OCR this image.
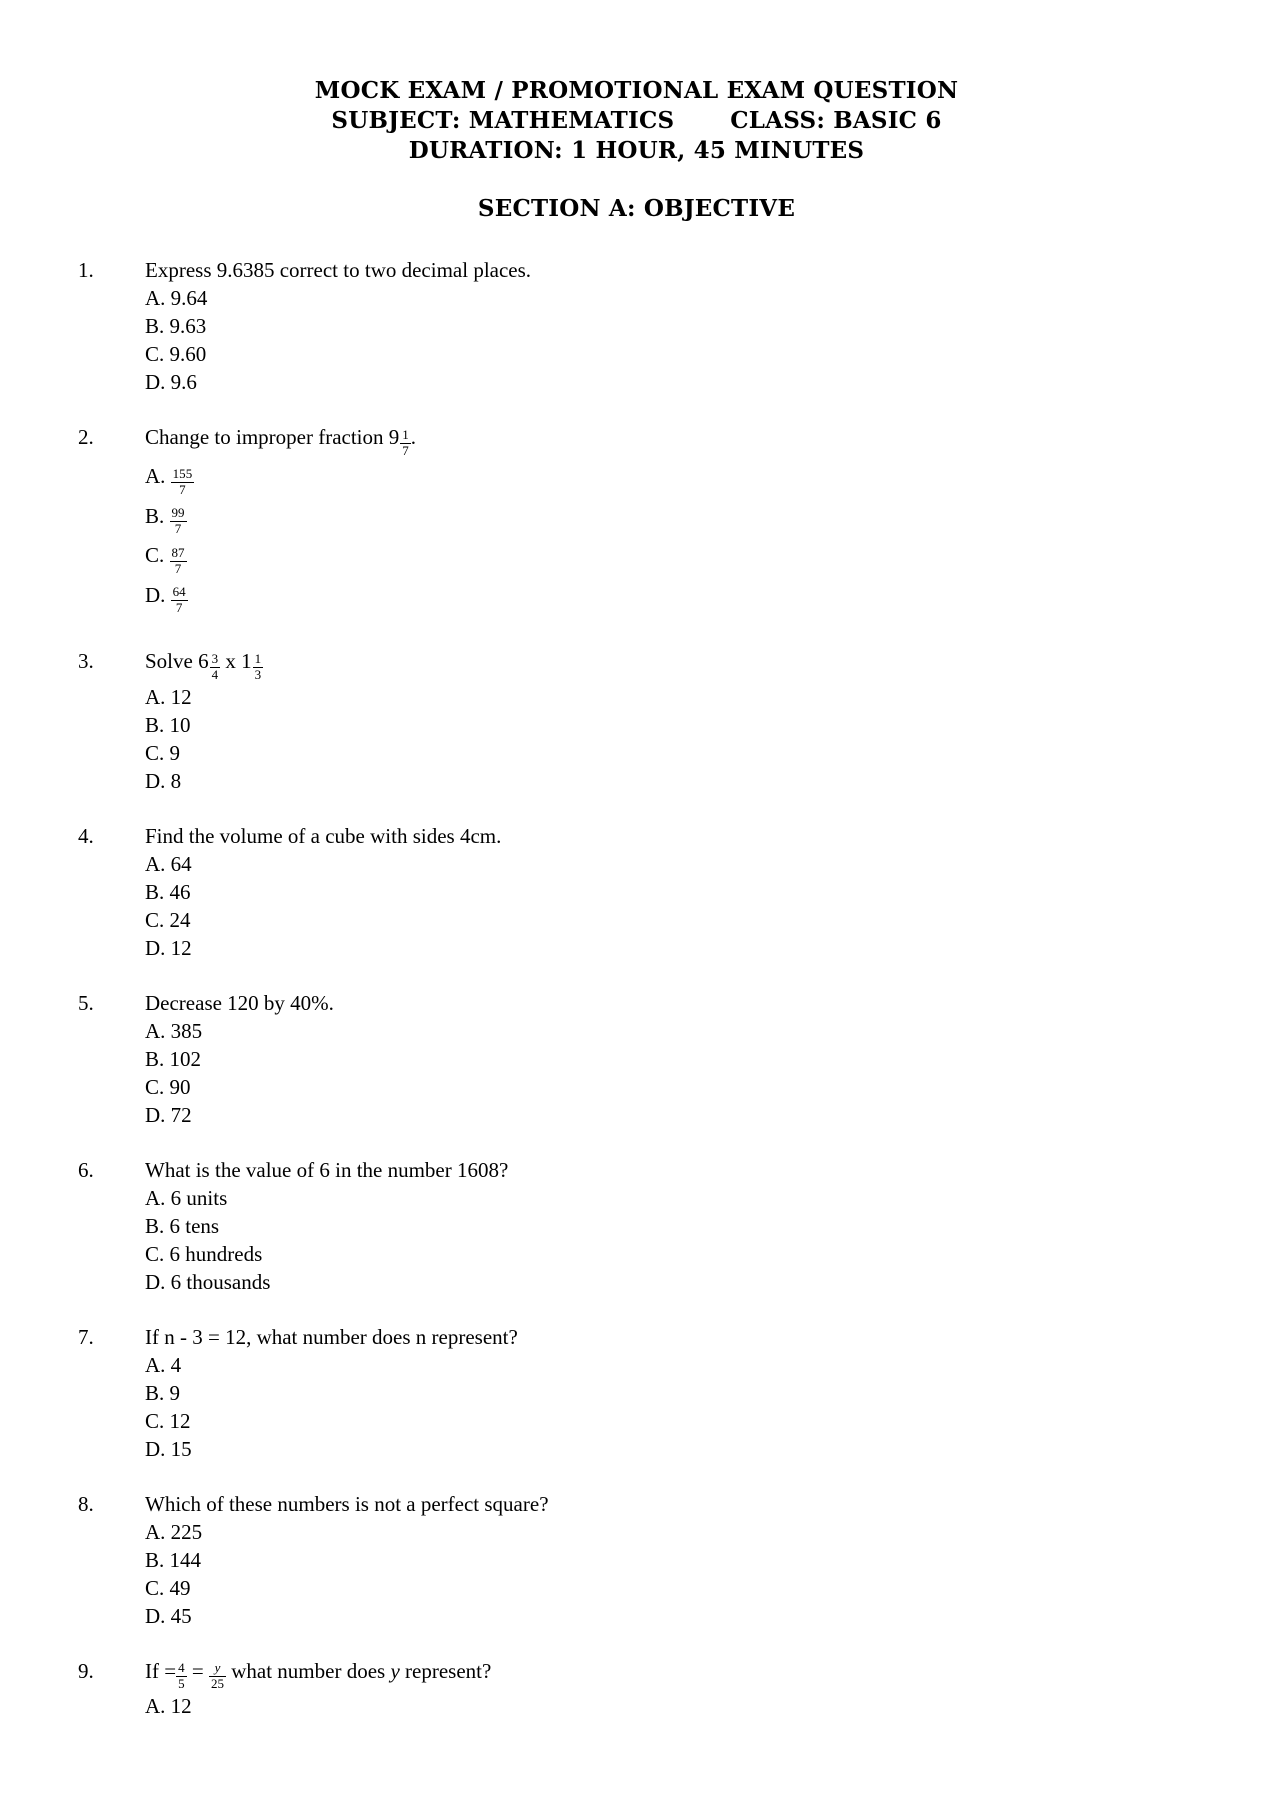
MOCK EXAM / PROMOTIONAL EXAM QUESTION
SUBJECT: MATHEMATICS CLASS: BASIC 6
DURATION: 1 HOUR, 45 MINUTES
SECTION A: OBJECTIVE
1.	Express 9.6385 correct to two decimal places.
A. 9.64
B. 9.63
C. 9.60
D. 9.6
2.	Change to improper fraction $9 \frac{1}{7}$ .
A. $\frac{155}{7}$
B. $\frac{99}{7}$
C. $\frac{87}{7}$
D. $\frac{64}{7}$
3.	Solve $6 \frac{3}{4}$ x $1 \frac{1}{3}$
A. 12
B. 10
C. 9
D. 8
4.	Find the volume of a cube with sides 4cm.
A. 64
B. 46
C. 24
D. 12
5.	Decrease 120 by 40%.
A. 385
B. 102
C. 90
D. 72
6.	What is the value of 6 in the number 1608?
A. 6 units
B. 6 tens
C. 6 hundreds
D. 6 thousands
7.	If n - 3 = 12, what number does n represent?
A. 4
B. 9
C. 12
D. 15
8.	Which of these numbers is not a perfect square?
A. 225
B. 144
C. 49
D. 45
9.	$If = \frac{4}{5} = \frac{y}{25}$ what number does y represent?
A. 12
